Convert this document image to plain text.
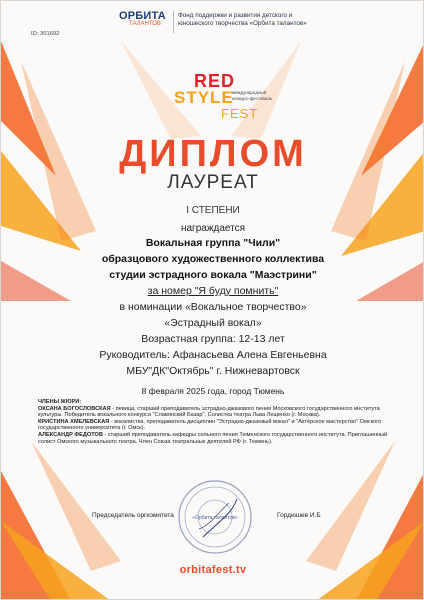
ОРБИТА
ТАЛАНТОВ
Фонд поддержки и развития детского и юношеского творчества «Орбита талантов»
ID: 301692
RED
STYLE
международный конкурс-фестиваль
FEST
ДИПЛОМ
ЛАУРЕАТ
I СТЕПЕНИ
награждается
Вокальная группа "Чили"
образцового художественного коллектива
студии эстрадного вокала "Маэстрини"
за номер "Я буду помнить"
в номинации «Вокальное творчество»
«Эстрадный вокал»
Возрастная группа: 12-13 лет
Руководитель: Афанасьева Алена Евгеньевна
МБУ"ДК"Октябрь" г. Нижневартовск
8 февраля 2025 года, город Тюмень
ЧЛЕНЫ ЖЮРИ:
ОКСАНА БОГОСЛОВСКАЯ - певица, старший преподаватель эстрадно-джазового пения Московского государственного института культуры. Победитель вокального конкурса "Славянский Базар". Солистка театра Льва Лещенко (г. Москва).
КРИСТИНА ХМЕЛЕВСКАЯ - вокалистка, преподаватель дисциплин "Эстрадно-джазовый вокал" и "Актёрское мастерство" Омского государственного университета (г. Омск).
АЛЕКСАНДР ФЕДОТОВ - старший преподаватель кафедры сольного пения Тюменского государственного института. Приглашенный солист Омского музыкального театра. Член Союза театральных деятелей РФ (г. Тюмень).
«Орбита талантов»
Председатель оргкомитета	Гордюшев И.Б
orbitafest.tv
